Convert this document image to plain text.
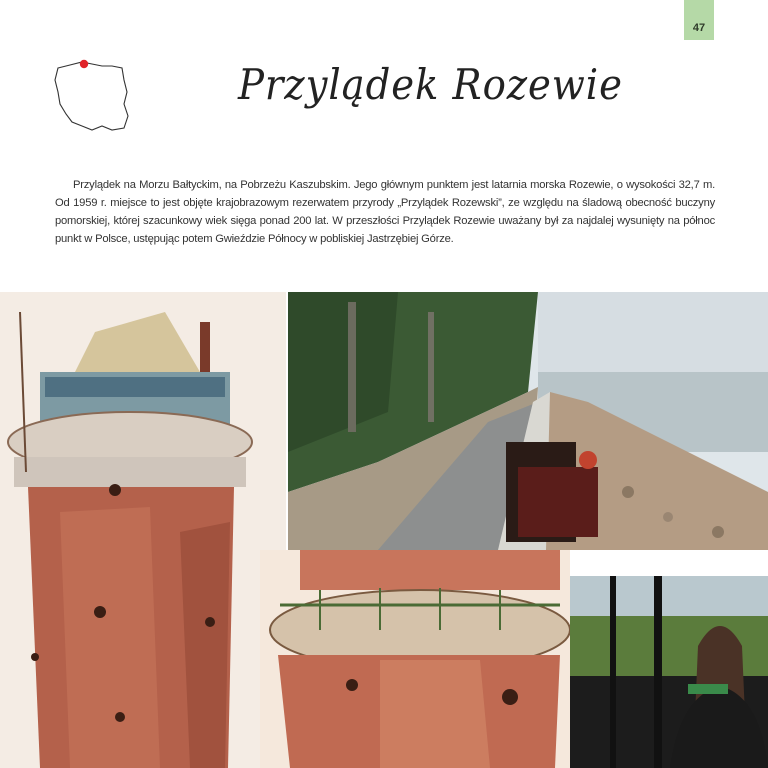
47
Przylądek Rozewie
Przylądek na Morzu Bałtyckim, na Pobrzeżu Kaszubskim. Jego głównym punktem jest latarnia morska Rozewie, o wysokości 32,7 m. Od 1959 r. miejsce to jest objęte krajobrazowym rezerwatem przyrody „Przylądek Rozewski”, ze względu na śladową obecność buczyny pomorskiej, której szacunkowy wiek sięga ponad 200 lat. W przeszłości Przylądek Rozewie uważany był za najdalej wysunięty na północ punkt w Polsce, ustępując potem Gwieździe Północy w pobliskiej Jastrzębiej Górze.
